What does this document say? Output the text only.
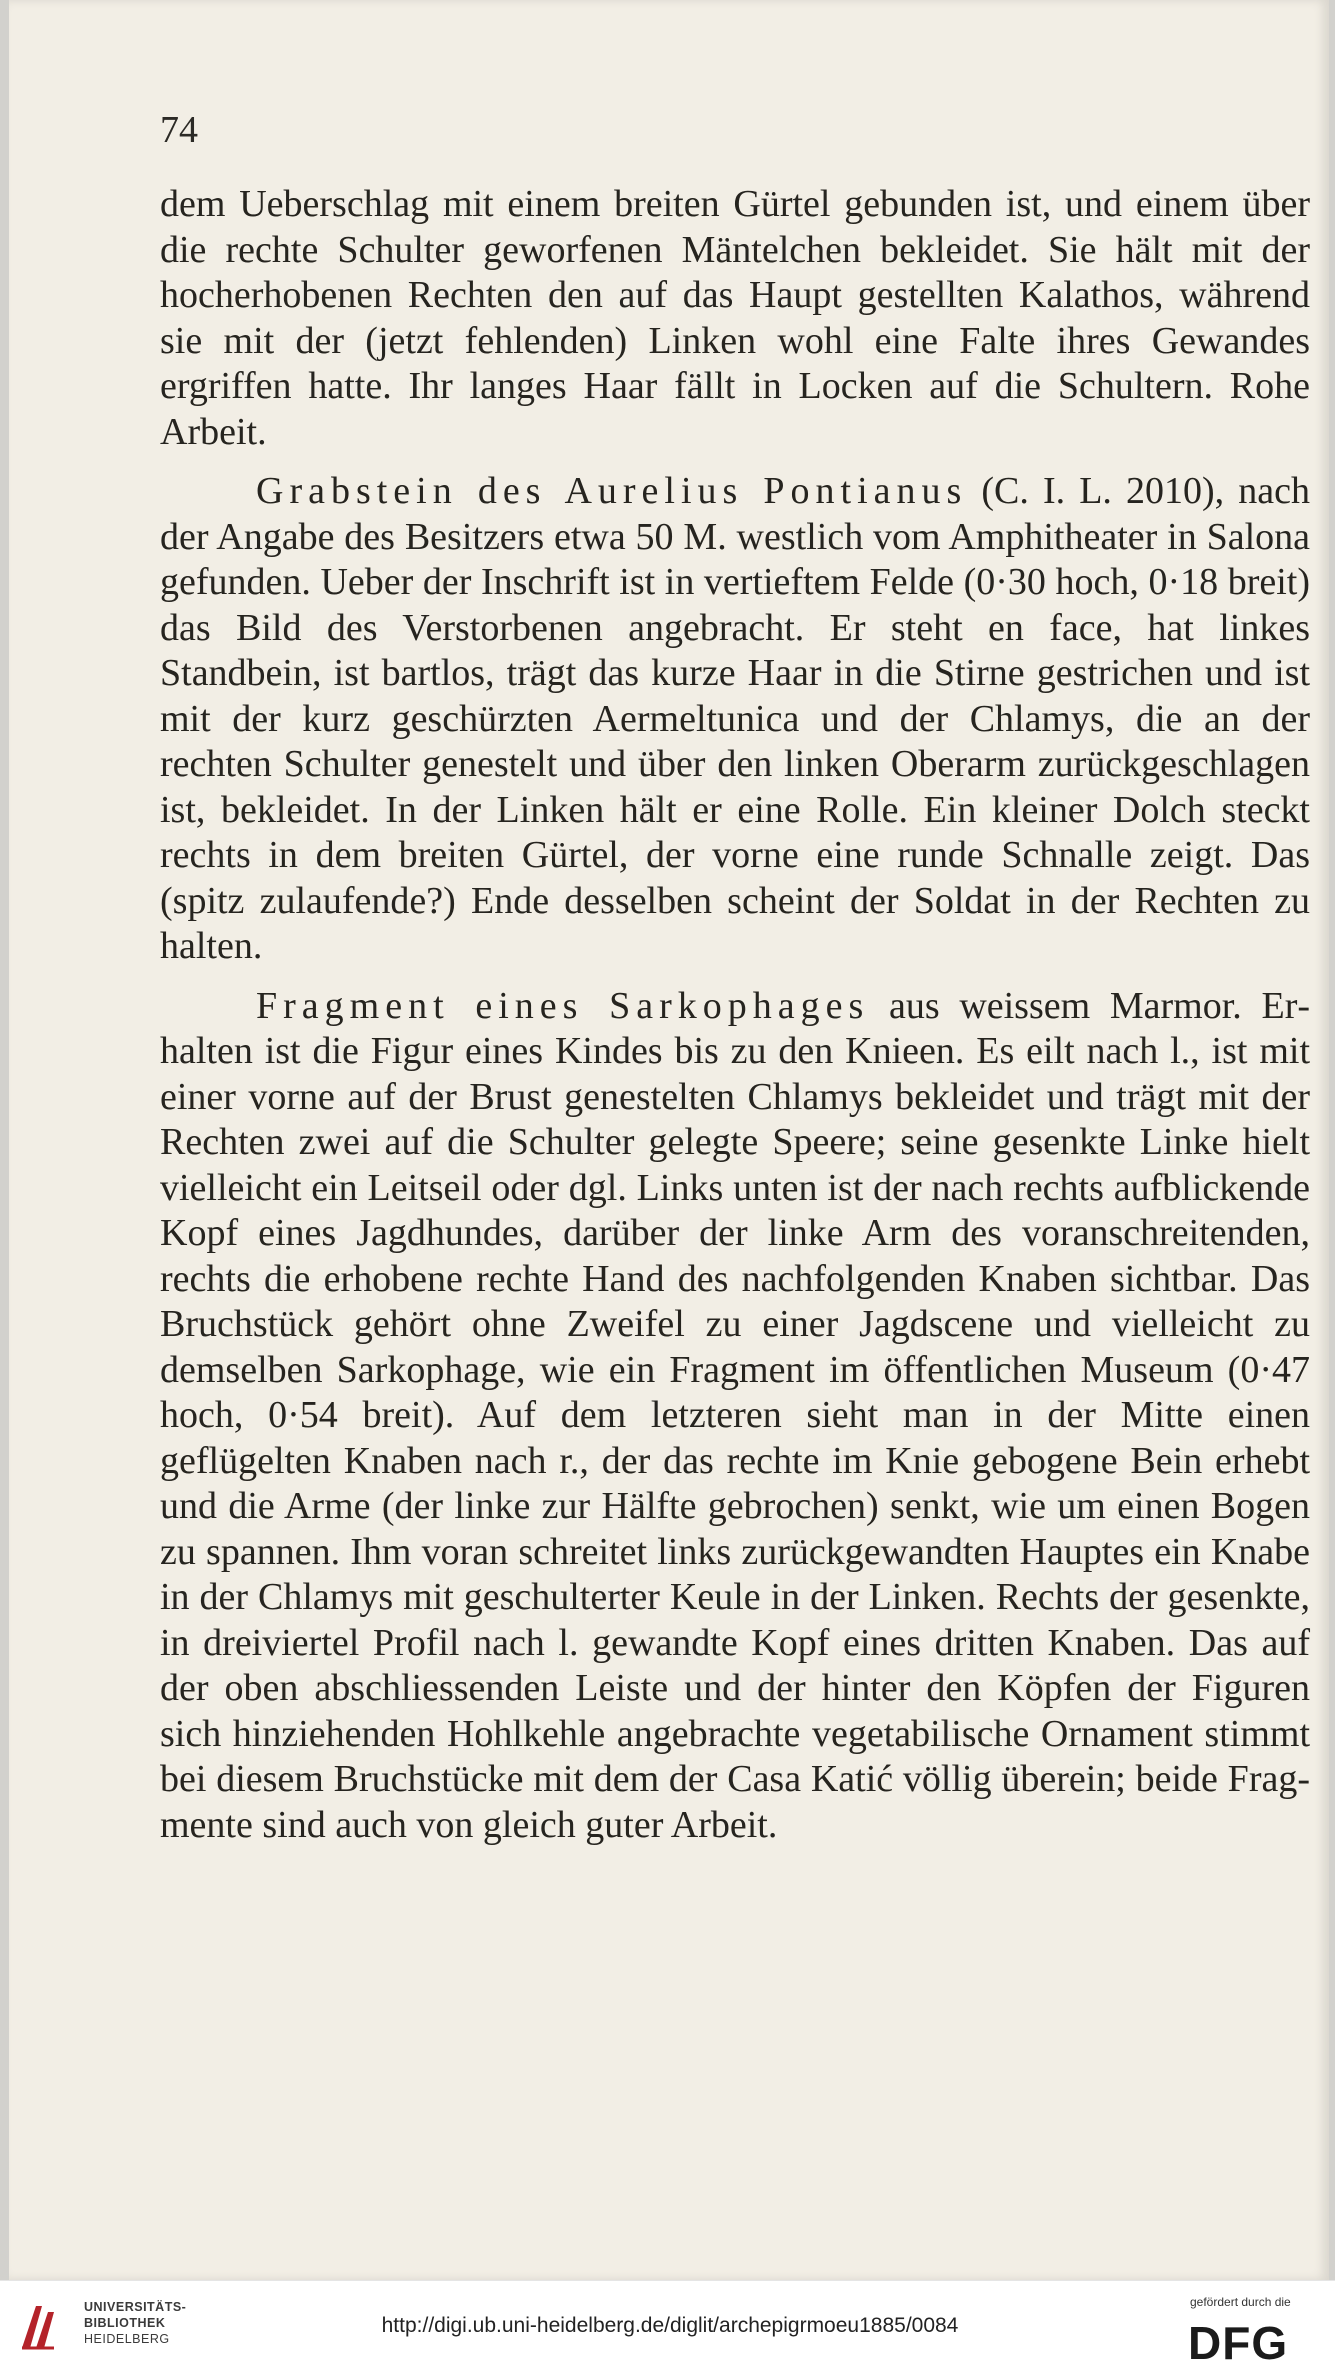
74

dem Ueberschlag mit einem breiten Gürtel gebunden ist, und einem über die rechte Schulter geworfenen Mäntelchen bekleidet. Sie hält mit der hocherhobenen Rechten den auf das Haupt gestellten Kalathos, während sie mit der (jetzt fehlenden) Linken wohl eine Falte ihres Gewandes ergriffen hatte. Ihr langes Haar fällt in Locken auf die Schultern. Rohe Arbeit.

Grabstein des Aurelius Pontianus (C. I. L. 2010), nach der Angabe des Besitzers etwa 50 M. westlich vom Amphitheater in Salona gefunden. Ueber der Inschrift ist in vertieftem Felde (0·30 hoch, 0·18 breit) das Bild des Verstorbenen angebracht. Er steht en face, hat linkes Standbein, ist bartlos, trägt das kurze Haar in die Stirne gestrichen und ist mit der kurz geschürzten Aermeltunica und der Chlamys, die an der rechten Schulter genestelt und über den linken Oberarm zurückgeschlagen ist, bekleidet. In der Linken hält er eine Rolle. Ein kleiner Dolch steckt rechts in dem breiten Gürtel, der vorne eine runde Schnalle zeigt. Das (spitz zulaufende?) Ende desselben scheint der Soldat in der Rechten zu halten.

Fragment eines Sarkophages aus weissem Marmor. Erhalten ist die Figur eines Kindes bis zu den Knieen. Es eilt nach l., ist mit einer vorne auf der Brust genestelten Chlamys bekleidet und trägt mit der Rechten zwei auf die Schulter gelegte Speere; seine gesenkte Linke hielt vielleicht ein Leitseil oder dgl. Links unten ist der nach rechts aufblickende Kopf eines Jagdhundes, darüber der linke Arm des voranschreitenden, rechts die erhobene rechte Hand des nachfolgenden Knaben sichtbar. Das Bruchstück gehört ohne Zweifel zu einer Jagdscene und vielleicht zu demselben Sarkophage, wie ein Fragment im öffentlichen Museum (0·47 hoch, 0·54 breit). Auf dem letzteren sieht man in der Mitte einen geflügelten Knaben nach r., der das rechte im Knie gebogene Bein erhebt und die Arme (der linke zur Hälfte gebrochen) senkt, wie um einen Bogen zu spannen. Ihm voran schreitet links zurückgewandten Hauptes ein Knabe in der Chlamys mit geschulterter Keule in der Linken. Rechts der gesenkte, in dreiviertel Profil nach l. gewandte Kopf eines dritten Knaben. Das auf der oben abschliessenden Leiste und der hinter den Köpfen der Figuren sich hinziehenden Hohlkehle angebrachte vegetabilische Ornament stimmt bei diesem Bruchstücke mit dem der Casa Katić völlig überein; beide Fragmente sind auch von gleich guter Arbeit.

UNIVERSITÄTS-
BIBLIOTHEK
HEIDELBERG
http://digi.ub.uni-heidelberg.de/diglit/archepigrmoeu1885/0084
gefördert durch die
DFG
